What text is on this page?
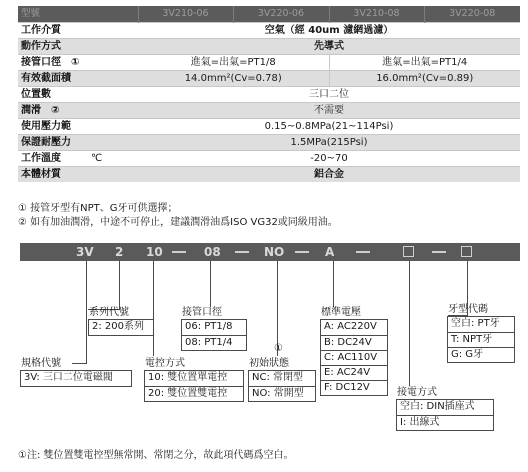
型號	3V210-06	3V220-06	3V210-08	3V220-08
工作介質	空氣（經 40um 濾網過濾）			
動作方式	先導式			
接管口徑　①	進氣=出氣=PT1/8		進氣=出氣=PT1/4	
有效截面積	14.0mm²(Cv=0.78)		16.0mm²(Cv=0.89)	
位置數	三口二位			
潤滑　②	不需要			
使用壓力範	0.15~0.8MPa(21~114Psi)			
保證耐壓力	1.5MPa(215Psi)			
工作溫度 ℃	-20~70			
本體材質	鋁合金			
① 接管牙型有NPT、G牙可供選擇；
② 如有加油潤滑，中途不可停止，建議潤滑油爲ISO VG32或同級用油。
3V 2 10	08	NO	A
規格代號
3V: 三口二位電磁閥
系列代號
2: 200系列
電控方式
10: 雙位置單電控
20: 雙位置雙電控
接管口徑
06: PT1/8
08: PT1/4
①
初始狀態
NC: 常閉型
NO: 常開型
標準電壓
A: AC220V
B: DC24V
C: AC110V
E: AC24V
F: DC12V	接電方式
空白: DIN插座式
I: 出線式
牙型代碼
空白: PT牙
T: NPT牙
G: G牙
①注: 雙位置雙電控型無常開、常閉之分，故此項代碼爲空白。
